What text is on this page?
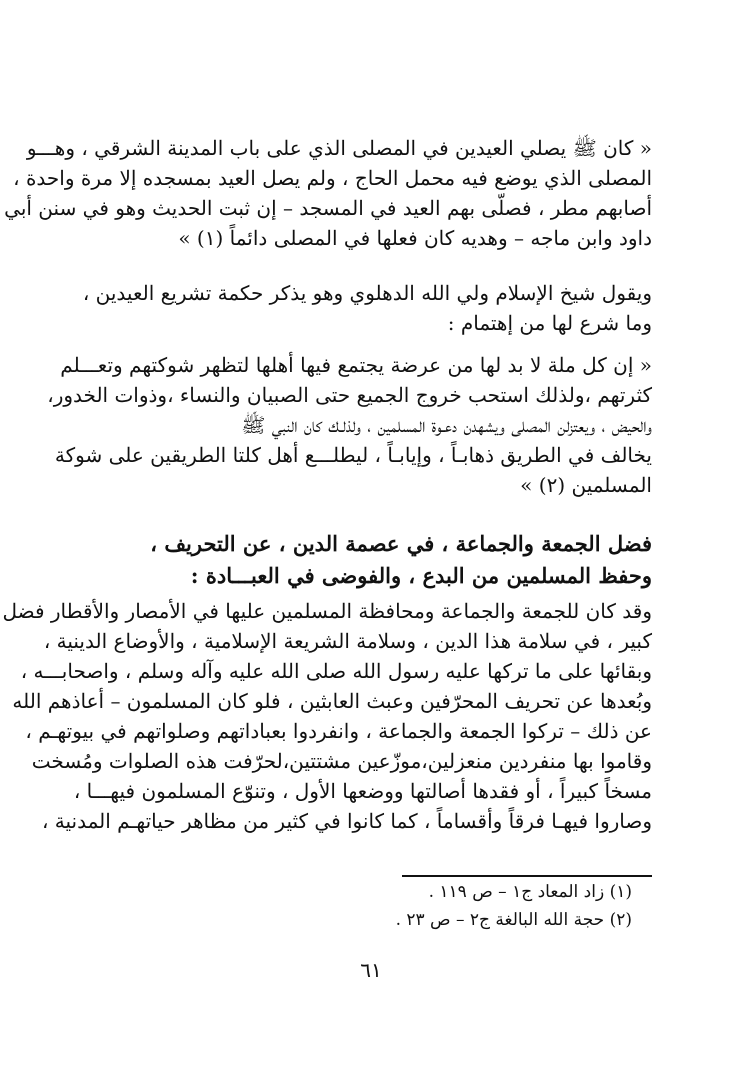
« كان ﷺ يصلي العيدين في المصلى الذي على باب المدينة الشرقي ، وهـــو
المصلى الذي يوضع فيه محمل الحاج ، ولم يصل العيد بمسجده إلا مرة واحدة ،
أصابهم مطر ، فصلّى بهم العيد في المسجد – إن ثبت الحديث وهو في سنن أبي
داود وابن ماجه – وهديه كان فعلها في المصلى دائماً (١) »
ويقول شيخ الإسلام ولي الله الدهلوي وهو يذكر حكمة تشريع العيدين ،
وما شرع لها من إهتمام :
« إن كل ملة لا بد لها من عرضة يجتمع فيها أهلها لتظهر شوكتهم وتعـــلم
كثرتهم ،ولذلك استحب خروج الجميع حتى الصبيان والنساء ،وذوات الخدور،
والحيض ، ويعتزلن المصلى ويشهدن دعـوة المسلمين ، ولذلـك كان النبي ﷺ
يخالف في الطريق ذهابـاً ، وإيابـاً ، ليطلـــع أهل كلتا الطريقين على شوكة
المسلمين (٢) »
فضل الجمعة والجماعة ، في عصمة الدين ، عن التحريف ،
وحفظ المسلمين من البدع ، والفوضى في العبـــادة :
وقد كان للجمعة والجماعة ومحافظة المسلمين عليها في الأمصار والأقطار فضل
كبير ، في سلامة هذا الدين ، وسلامة الشريعة الإسلامية ، والأوضاع الدينية ،
وبقائها على ما تركها عليه رسول الله صلى الله عليه وآله وسلم ، واصحابـــه ،
وبُعدها عن تحريف المحرّفين وعبث العابثين ، فلو كان المسلمون – أعاذهم الله
عن ذلك – تركوا الجمعة والجماعة ، وانفردوا بعباداتهم وصلواتهم في بيوتهـم ،
وقاموا بها منفردين منعزلين،موزّعين مشتتين،لحرّفت هذه الصلوات ومُسخت
مسخاً كبيراً ، أو فقدها أصالتها ووضعها الأول ، وتنوّع المسلمون فيهـــا ،
وصاروا فيهـا فرقاً وأقساماً ، كما كانوا في كثير من مظاهر حياتهـم المدنية ،
(١) زاد المعاد ج١ – ص ١١٩ .
(٢) حجة الله البالغة ج٢ – ص ٢٣ .
٦١
